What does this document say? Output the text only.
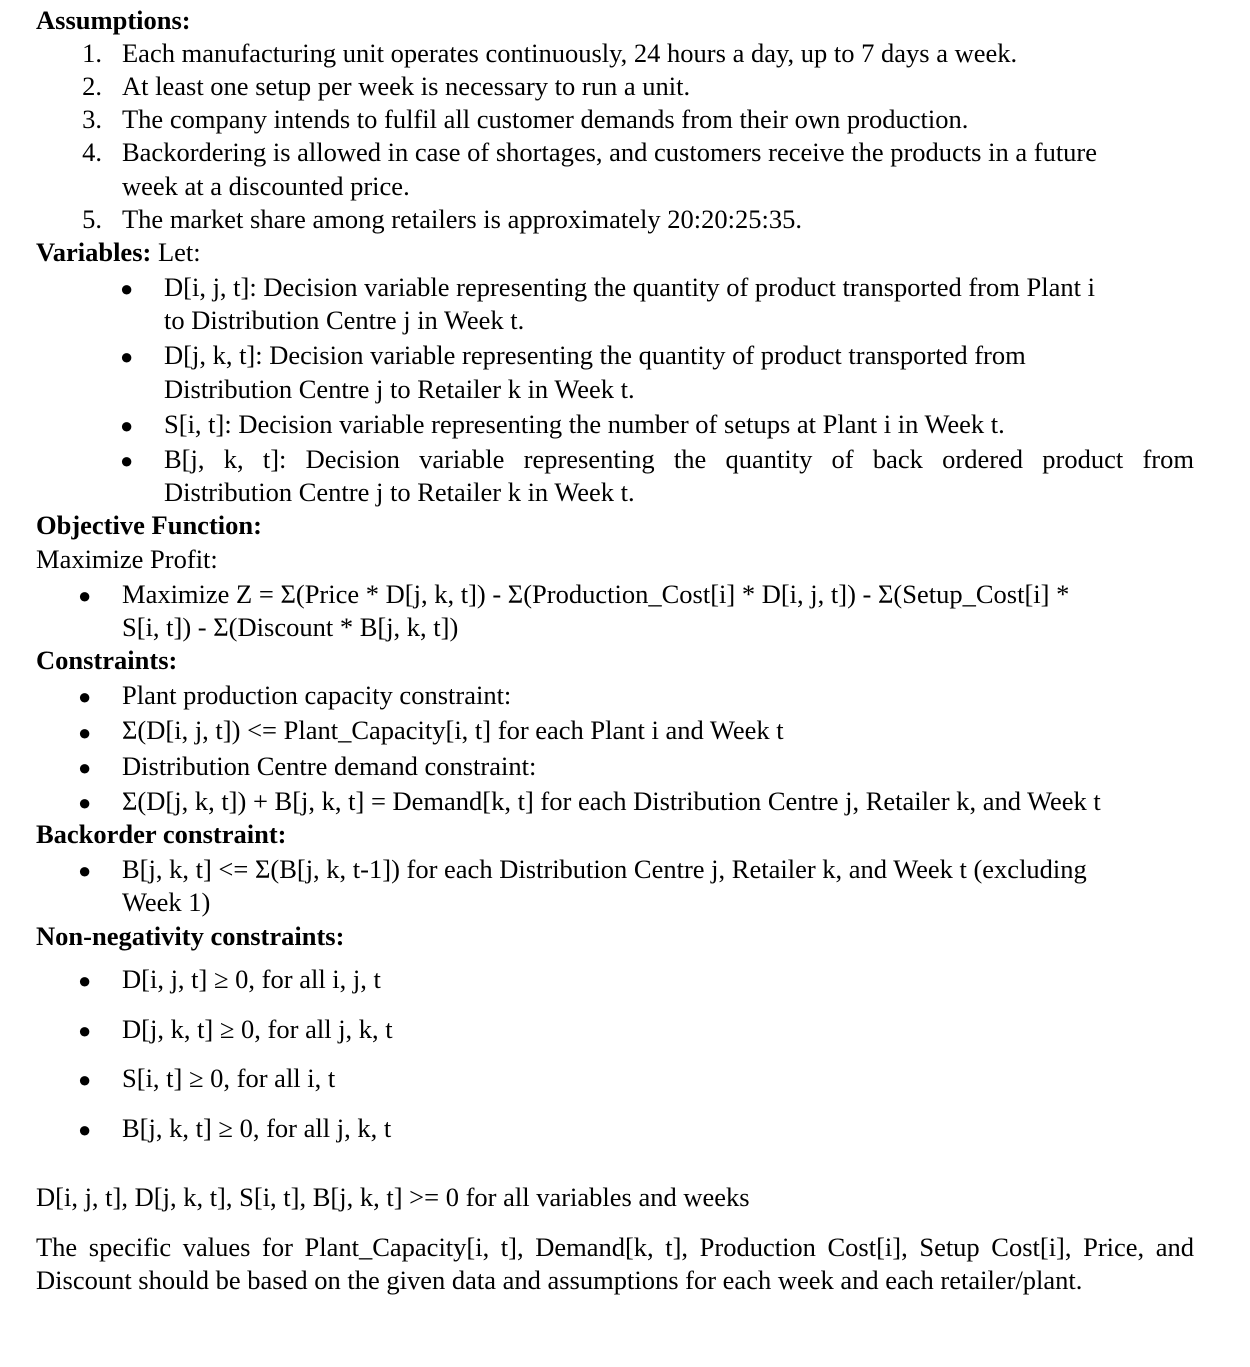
Assumptions:
1. Each manufacturing unit operates continuously, 24 hours a day, up to 7 days a week.
2. At least one setup per week is necessary to run a unit.
3. The company intends to fulfil all customer demands from their own production.
4. Backordering is allowed in case of shortages, and customers receive the products in a future
week at a discounted price.
5. The market share among retailers is approximately 20:20:25:35.
Variables: Let:
● D[i, j, t]: Decision variable representing the quantity of product transported from Plant i
to Distribution Centre j in Week t.
● D[j, k, t]: Decision variable representing the quantity of product transported from
Distribution Centre j to Retailer k in Week t.
● S[i, t]: Decision variable representing the number of setups at Plant i in Week t.
● B[j, k, t]: Decision variable representing the quantity of back ordered product from
Distribution Centre j to Retailer k in Week t.
Objective Function:
Maximize Profit:
● Maximize Z = Σ(Price * D[j, k, t]) - Σ(Production_Cost[i] * D[i, j, t]) - Σ(Setup_Cost[i] *
S[i, t]) - Σ(Discount * B[j, k, t])
Constraints:
● Plant production capacity constraint:
● Σ(D[i, j, t]) <= Plant_Capacity[i, t] for each Plant i and Week t
● Distribution Centre demand constraint:
● Σ(D[j, k, t]) + B[j, k, t] = Demand[k, t] for each Distribution Centre j, Retailer k, and Week t
Backorder constraint:
● B[j, k, t] <= Σ(B[j, k, t-1]) for each Distribution Centre j, Retailer k, and Week t (excluding
Week 1)
Non-negativity constraints:
● D[i, j, t] ≥ 0, for all i, j, t
● D[j, k, t] ≥ 0, for all j, k, t
● S[i, t] ≥ 0, for all i, t
● B[j, k, t] ≥ 0, for all j, k, t
D[i, j, t], D[j, k, t], S[i, t], B[j, k, t] >= 0 for all variables and weeks
The specific values for Plant_Capacity[i, t], Demand[k, t], Production Cost[i], Setup Cost[i], Price, and Discount should be based on the given data and assumptions for each week and each retailer/plant.
